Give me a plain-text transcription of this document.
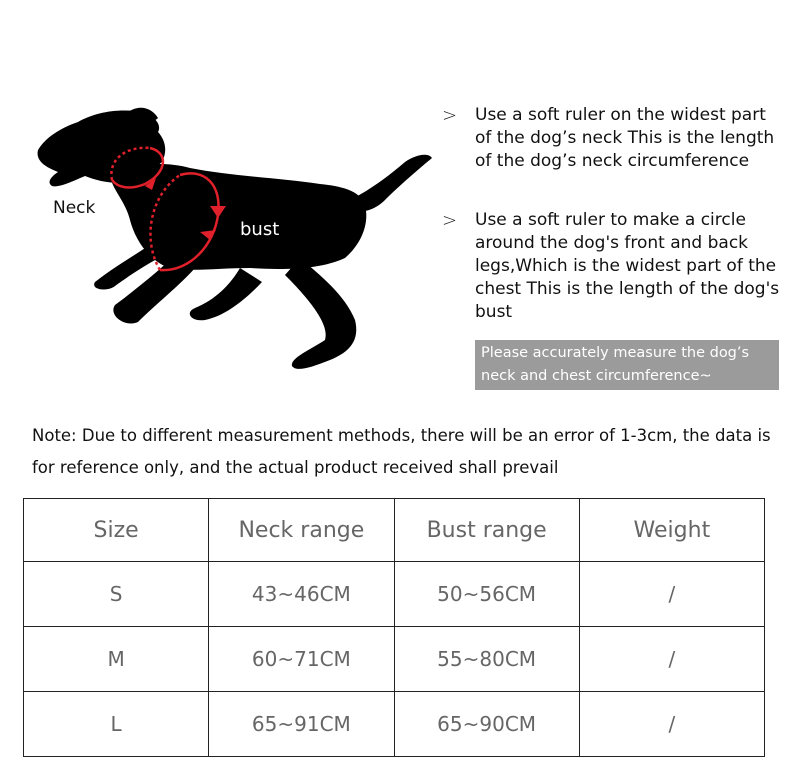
Neck
bust
> Use a soft ruler on the widest part of the dog’s neck This is the length of the dog’s neck circumference
> Use a soft ruler to make a circle around the dog's front and back legs,Which is the widest part of the chest This is the length of the dog's bust
Please accurately measure the dog’s neck and chest circumference~
Note: Due to different measurement methods, there will be an error of 1-3cm, the data is for reference only, and the actual product received shall prevail
Size	Neck range	Bust range	Weight
S	43~46CM	50~56CM	/
M	60~71CM	55~80CM	/
L	65~91CM	65~90CM	/
